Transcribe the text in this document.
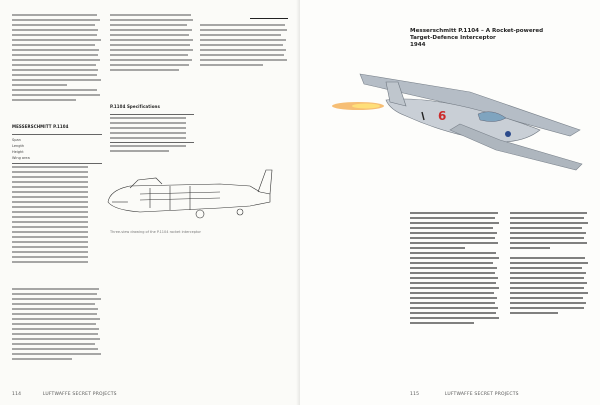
MESSERSCHMITT P.1104
Span
Length
Height
Wing area
P.1104 Specifications
Three-view drawing of the P.1104 rocket interceptor
114	LUFTWAFFE SECRET PROJECTS
Messerschmitt P.1104 – A Rocket-powered
Target-Defence Interceptor
1944
6
115	LUFTWAFFE SECRET PROJECTS
